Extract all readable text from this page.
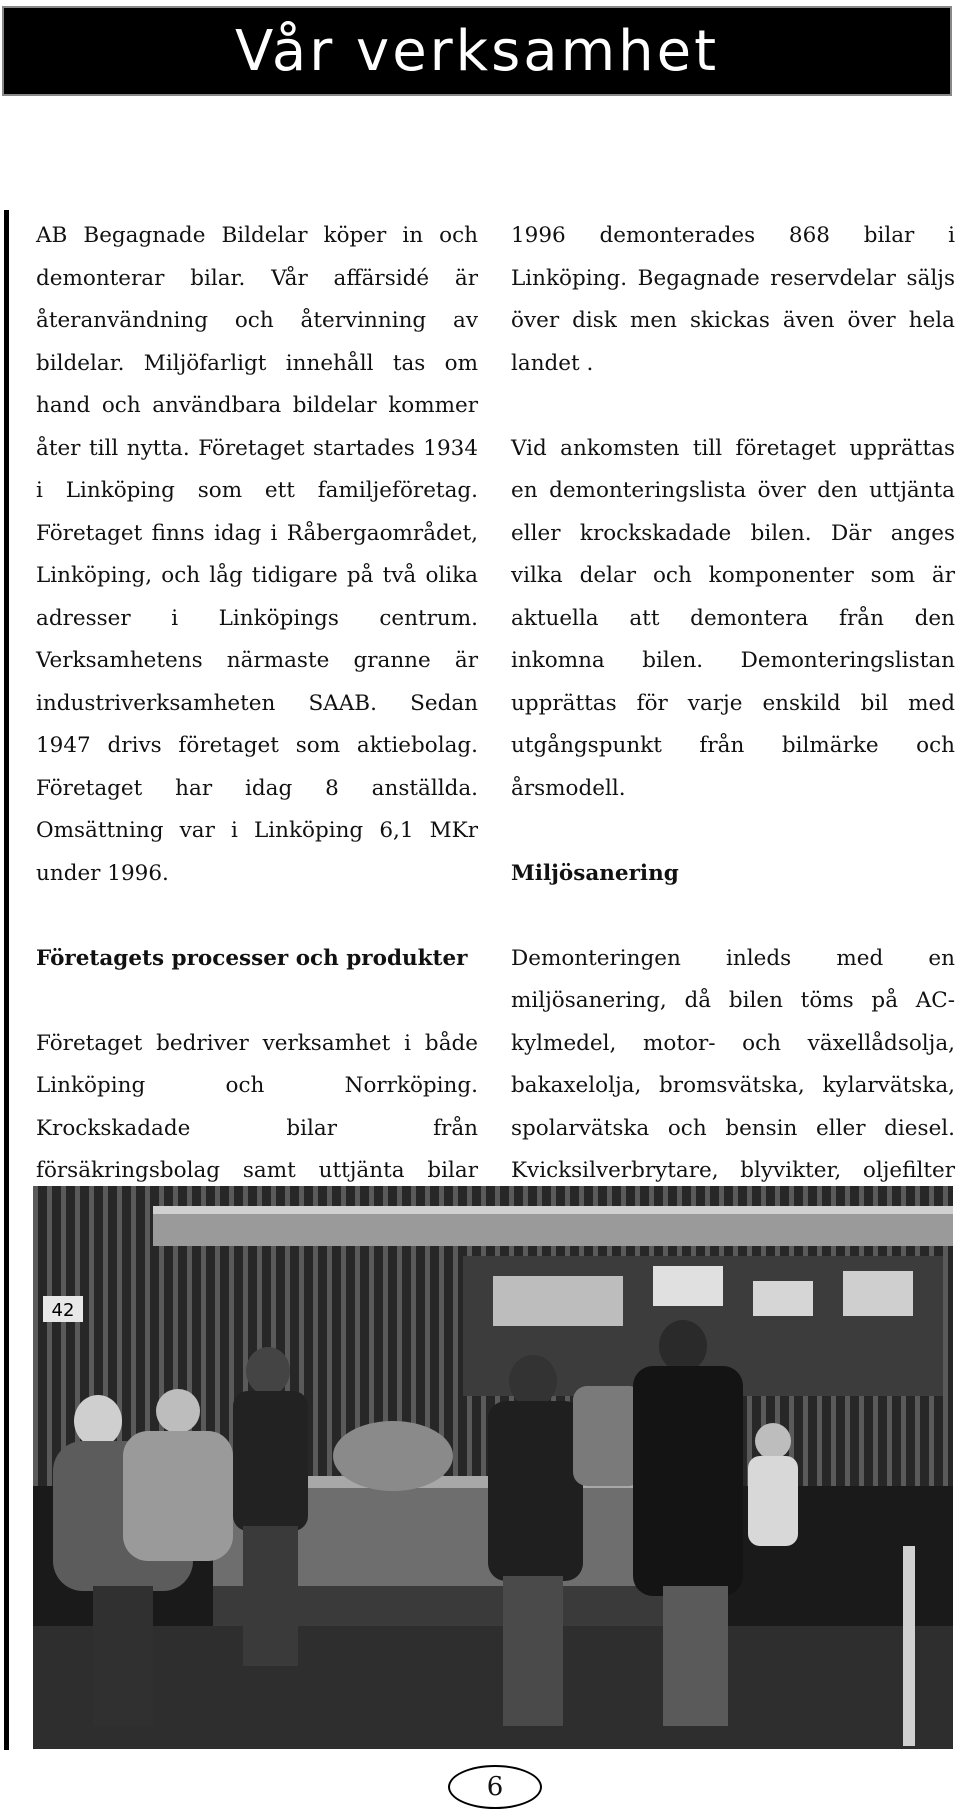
Vår verksamhet

AB Begagnade Bildelar köper in och demonterar bilar. Vår affärsidé är återanvändning och återvinning av bildelar. Miljöfarligt innehåll tas om hand och användbara bildelar kommer åter till nytta. Företaget startades 1934 i Linköping som ett familjeföretag. Företaget finns idag i Råbergaområdet, Linköping, och låg tidigare på två olika adresser i Linköpings centrum. Verksamhetens närmaste granne är industriverksamheten SAAB. Sedan 1947 drivs företaget som aktiebolag. Företaget har idag 8 anställda. Omsättning var i Linköping 6,1 MKr under 1996.

Företagets processer och produkter

Företaget bedriver verksamhet i både Linköping och Norrköping. Krockskadade bilar från försäkringsbolag samt uttjänta bilar

1996 demonterades 868 bilar i Linköping. Begagnade reservdelar säljs över disk men skickas även över hela landet .

Vid ankomsten till företaget upprättas en demonteringslista över den uttjänta eller krockskadade bilen. Där anges vilka delar och komponenter som är aktuella att demontera från den inkomna bilen. Demonteringslistan upprättas för varje enskild bil med utgångspunkt från bilmärke och årsmodell.

Miljösanering

Demonteringen inleds med en miljösanering, då bilen töms på AC-kylmedel, motor- och växellådsolja, bakaxelolja, bromsvätska, kylarvätska, spolarvätska och bensin eller diesel. Kvicksilverbrytare, blyvikter, oljefilter

42
6
